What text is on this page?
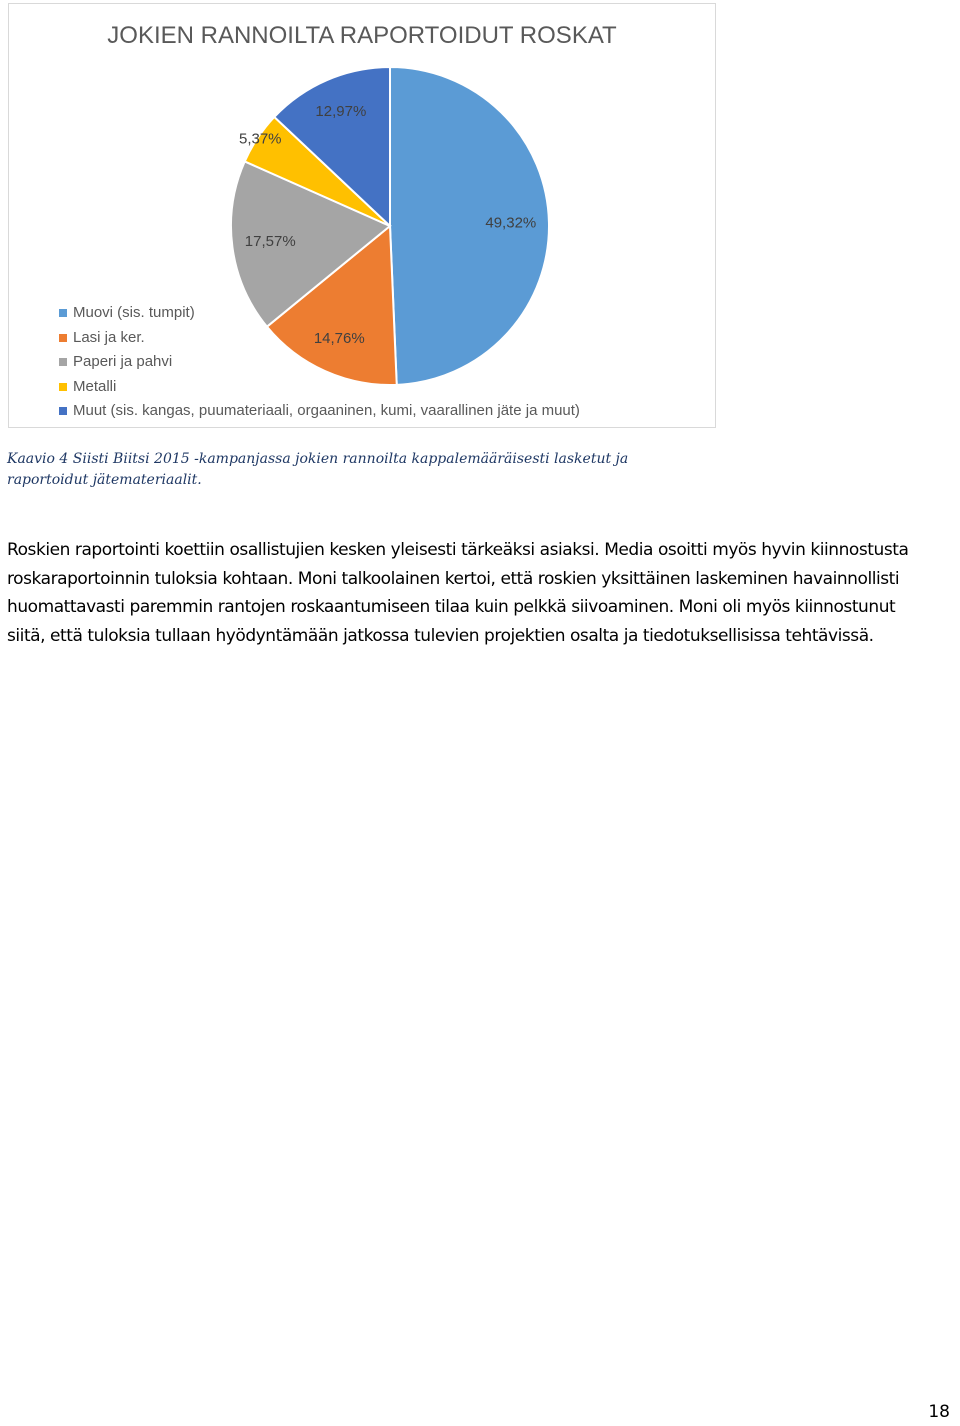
JOKIEN RANNOILTA RAPORTOIDUT ROSKAT
49,32%
14,76%
17,57%
5,37%
12,97%
Muovi (sis. tumpit)
Lasi ja ker.
Paperi ja pahvi
Metalli
Muut (sis. kangas, puumateriaali, orgaaninen, kumi, vaarallinen jäte ja muut)
Kaavio 4 Siisti Biitsi 2015 -kampanjassa jokien rannoilta kappalemääräisesti lasketut ja raportoidut jätemateriaalit.
Roskien raportointi koettiin osallistujien kesken yleisesti tärkeäksi asiaksi. Media osoitti myös hyvin kiinnostusta roskaraportoinnin tuloksia kohtaan. Moni talkoolainen kertoi, että roskien yksittäinen laskeminen havainnollisti huomattavasti paremmin rantojen roskaantumiseen tilaa kuin pelkkä siivoaminen. Moni oli myös kiinnostunut siitä, että tuloksia tullaan hyödyntämään jatkossa tulevien projektien osalta ja tiedotuksellisissa tehtävissä.
18
